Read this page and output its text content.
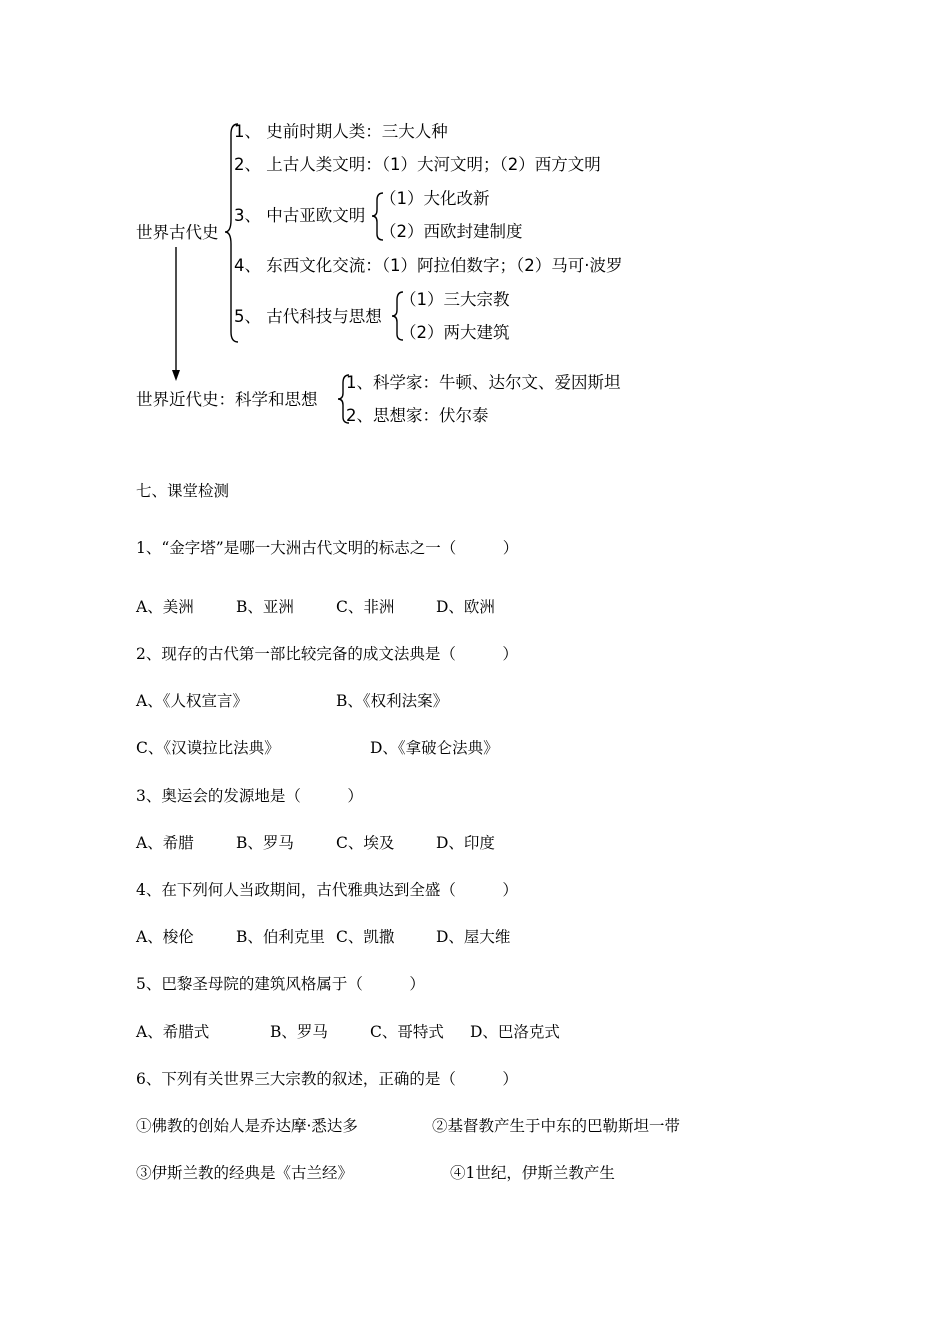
世界古代史
1、 史前时期人类：三大人种
2、 上古人类文明：（1）大河文明；（2）西方文明
3、 中古亚欧文明
（1）大化改新
（2）西欧封建制度
4、 东西文化交流：（1）阿拉伯数字；（2）马可·波罗
5、 古代科技与思想
（1）三大宗教
（2）两大建筑
世界近代史：科学和思想
1、科学家：牛顿、达尔文、爱因斯坦
2、思想家：伏尔泰
七、课堂检测
1、“金字塔”是哪一大洲古代文明的标志之一（　　　）
A、美洲	B、亚洲	C、非洲	D、欧洲
2、现存的古代第一部比较完备的成文法典是（　　　）
A、《人权宣言》	B、《权利法案》
C、《汉谟拉比法典》	D、《拿破仑法典》
3、奥运会的发源地是（　　　）
A、希腊	B、罗马	C、埃及	D、印度
4、在下列何人当政期间，古代雅典达到全盛（　　　）
A、梭伦	B、伯利克里 C、凯撒	D、屋大维
5、巴黎圣母院的建筑风格属于（　　　）
A、希腊式	B、罗马	C、哥特式 D、巴洛克式
6、下列有关世界三大宗教的叙述，正确的是（　　　）
①佛教的创始人是乔达摩·悉达多	②基督教产生于中东的巴勒斯坦一带
③伊斯兰教的经典是《古兰经》	④1世纪，伊斯兰教产生
